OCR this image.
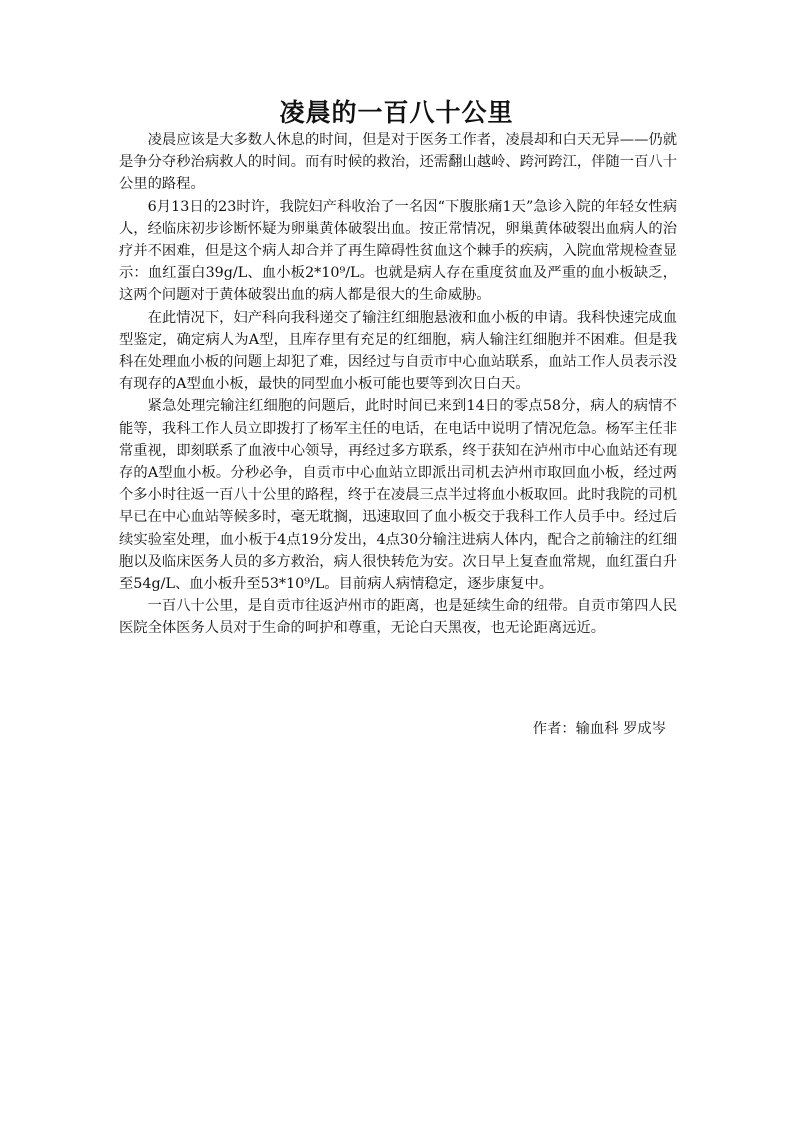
凌晨的一百八十公里

凌晨应该是大多数人休息的时间，但是对于医务工作者，凌晨却和白天无异——仍就是争分夺秒治病救人的时间。而有时候的救治，还需翻山越岭、跨河跨江，伴随一百八十公里的路程。

6月13日的23时许，我院妇产科收治了一名因“下腹胀痛1天”急诊入院的年轻女性病人，经临床初步诊断怀疑为卵巢黄体破裂出血。按正常情况，卵巢黄体破裂出血病人的治疗并不困难，但是这个病人却合并了再生障碍性贫血这个棘手的疾病，入院血常规检查显示：血红蛋白39g/L、血小板2*10⁹/L。也就是病人存在重度贫血及严重的血小板缺乏，这两个问题对于黄体破裂出血的病人都是很大的生命威胁。

在此情况下，妇产科向我科递交了输注红细胞悬液和血小板的申请。我科快速完成血型鉴定，确定病人为A型，且库存里有充足的红细胞，病人输注红细胞并不困难。但是我科在处理血小板的问题上却犯了难，因经过与自贡市中心血站联系，血站工作人员表示没有现存的A型血小板，最快的同型血小板可能也要等到次日白天。

紧急处理完输注红细胞的问题后，此时时间已来到14日的零点58分，病人的病情不能等，我科工作人员立即拨打了杨军主任的电话，在电话中说明了情况危急。杨军主任非常重视，即刻联系了血液中心领导，再经过多方联系，终于获知在泸州市中心血站还有现存的A型血小板。分秒必争，自贡市中心血站立即派出司机去泸州市取回血小板，经过两个多小时往返一百八十公里的路程，终于在凌晨三点半过将血小板取回。此时我院的司机早已在中心血站等候多时，毫无耽搁，迅速取回了血小板交于我科工作人员手中。经过后续实验室处理，血小板于4点19分发出，4点30分输注进病人体内，配合之前输注的红细胞以及临床医务人员的多方救治，病人很快转危为安。次日早上复查血常规，血红蛋白升至54g/L、血小板升至53*10⁹/L。目前病人病情稳定，逐步康复中。

一百八十公里，是自贡市往返泸州市的距离，也是延续生命的纽带。自贡市第四人民医院全体医务人员对于生命的呵护和尊重，无论白天黑夜，也无论距离远近。

作者：输血科 罗成岑
